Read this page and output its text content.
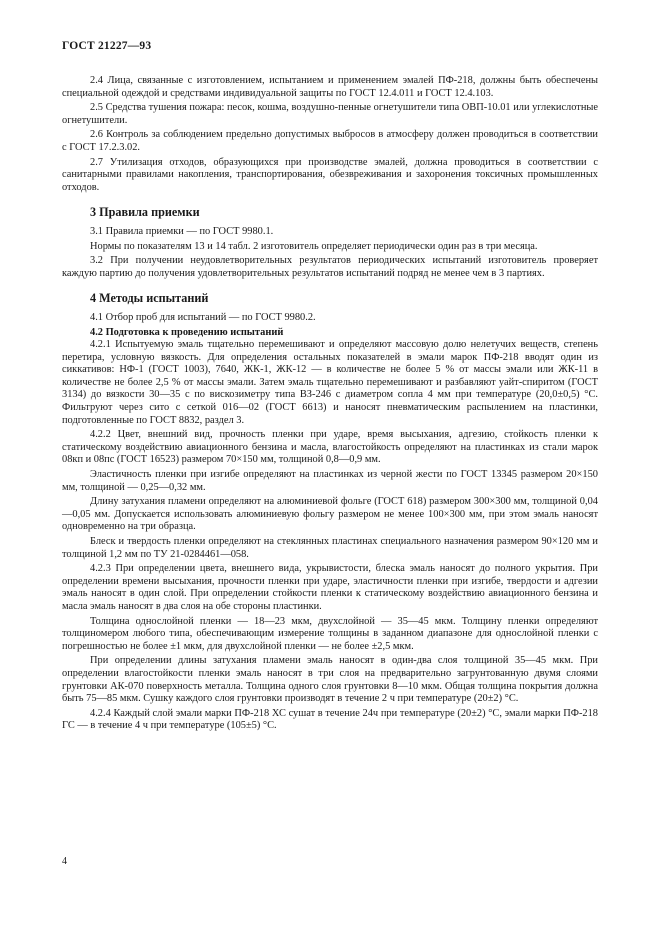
ГОСТ 21227—93

2.4 Лица, связанные с изготовлением, испытанием и применением эмалей ПФ-218, должны быть обеспечены специальной одеждой и средствами индивидуальной защиты по ГОСТ 12.4.011 и ГОСТ 12.4.103.

2.5 Средства тушения пожара: песок, кошма, воздушно-пенные огнетушители типа ОВП-10.01 или углекислотные огнетушители.

2.6 Контроль за соблюдением предельно допустимых выбросов в атмосферу должен проводиться в соответствии с ГОСТ 17.2.3.02.

2.7 Утилизация отходов, образующихся при производстве эмалей, должна проводиться в соответствии с санитарными правилами накопления, транспортирования, обезвреживания и захоронения токсичных промышленных отходов.

3 Правила приемки

3.1 Правила приемки — по ГОСТ 9980.1.

Нормы по показателям 13 и 14 табл. 2 изготовитель определяет периодически один раз в три месяца.

3.2 При получении неудовлетворительных результатов периодических испытаний изготовитель проверяет каждую партию до получения удовлетворительных результатов испытаний подряд не менее чем в 3 партиях.

4 Методы испытаний

4.1 Отбор проб для испытаний — по ГОСТ 9980.2.

4.2 Подготовка к проведению испытаний

4.2.1 Испытуемую эмаль тщательно перемешивают и определяют массовую долю нелетучих веществ, степень перетира, условную вязкость. Для определения остальных показателей в эмали марок ПФ-218 вводят один из сиккативов: НФ-1 (ГОСТ 1003), 7640, ЖК-1, ЖК-12 — в количестве не более 5 % от массы эмали или ЖК-11 в количестве не более 2,5 % от массы эмали. Затем эмаль тщательно перемешивают и разбавляют уайт-спиритом (ГОСТ 3134) до вязкости 30—35 с по вискозиметру типа ВЗ-246 с диаметром сопла 4 мм при температуре (20,0±0,5) °С. Фильтруют через сито с сеткой 016—02 (ГОСТ 6613) и наносят пневматическим распылением на пластинки, подготовленные по ГОСТ 8832, раздел 3.

4.2.2 Цвет, внешний вид, прочность пленки при ударе, время высыхания, адгезию, стойкость пленки к статическому воздействию авиационного бензина и масла, влагостойкость определяют на пластинках из стали марок 08кп и 08пс (ГОСТ 16523) размером 70×150 мм, толщиной 0,8—0,9 мм.

Эластичность пленки при изгибе определяют на пластинках из черной жести по ГОСТ 13345 размером 20×150 мм, толщиной — 0,25—0,32 мм.

Длину затухания пламени определяют на алюминиевой фольге (ГОСТ 618) размером 300×300 мм, толщиной 0,04—0,05 мм. Допускается использовать алюминиевую фольгу размером не менее 100×300 мм, при этом эмаль наносят одновременно на три образца.

Блеск и твердость пленки определяют на стеклянных пластинах специального назначения размером 90×120 мм и толщиной 1,2 мм по ТУ 21-0284461—058.

4.2.3 При определении цвета, внешнего вида, укрывистости, блеска эмаль наносят до полного укрытия. При определении времени высыхания, прочности пленки при ударе, эластичности пленки при изгибе, твердости и адгезии эмаль наносят в один слой. При определении стойкости пленки к статическому воздействию авиационного бензина и масла эмаль наносят в два слоя на обе стороны пластинки.

Толщина однослойной пленки — 18—23 мкм, двухслойной — 35—45 мкм. Толщину пленки определяют толщиномером любого типа, обеспечивающим измерение толщины в заданном диапазоне для однослойной пленки с погрешностью не более ±1 мкм, для двухслойной пленки — не более ±2,5 мкм.

При определении длины затухания пламени эмаль наносят в один-два слоя толщиной 35—45 мкм. При определении влагостойкости пленки эмаль наносят в три слоя на предварительно загрунтованную двумя слоями грунтовки АК-070 поверхность металла. Толщина одного слоя грунтовки 8—10 мкм. Общая толщина покрытия должна быть 75—85 мкм. Сушку каждого слоя грунтовки производят в течение 2 ч при температуре (20±2) °С.

4.2.4 Каждый слой эмали марки ПФ-218 ХС сушат в течение 24ч при температуре (20±2) °С, эмали марки ПФ-218 ГС — в течение 4 ч при температуре (105±5) °С.

4
